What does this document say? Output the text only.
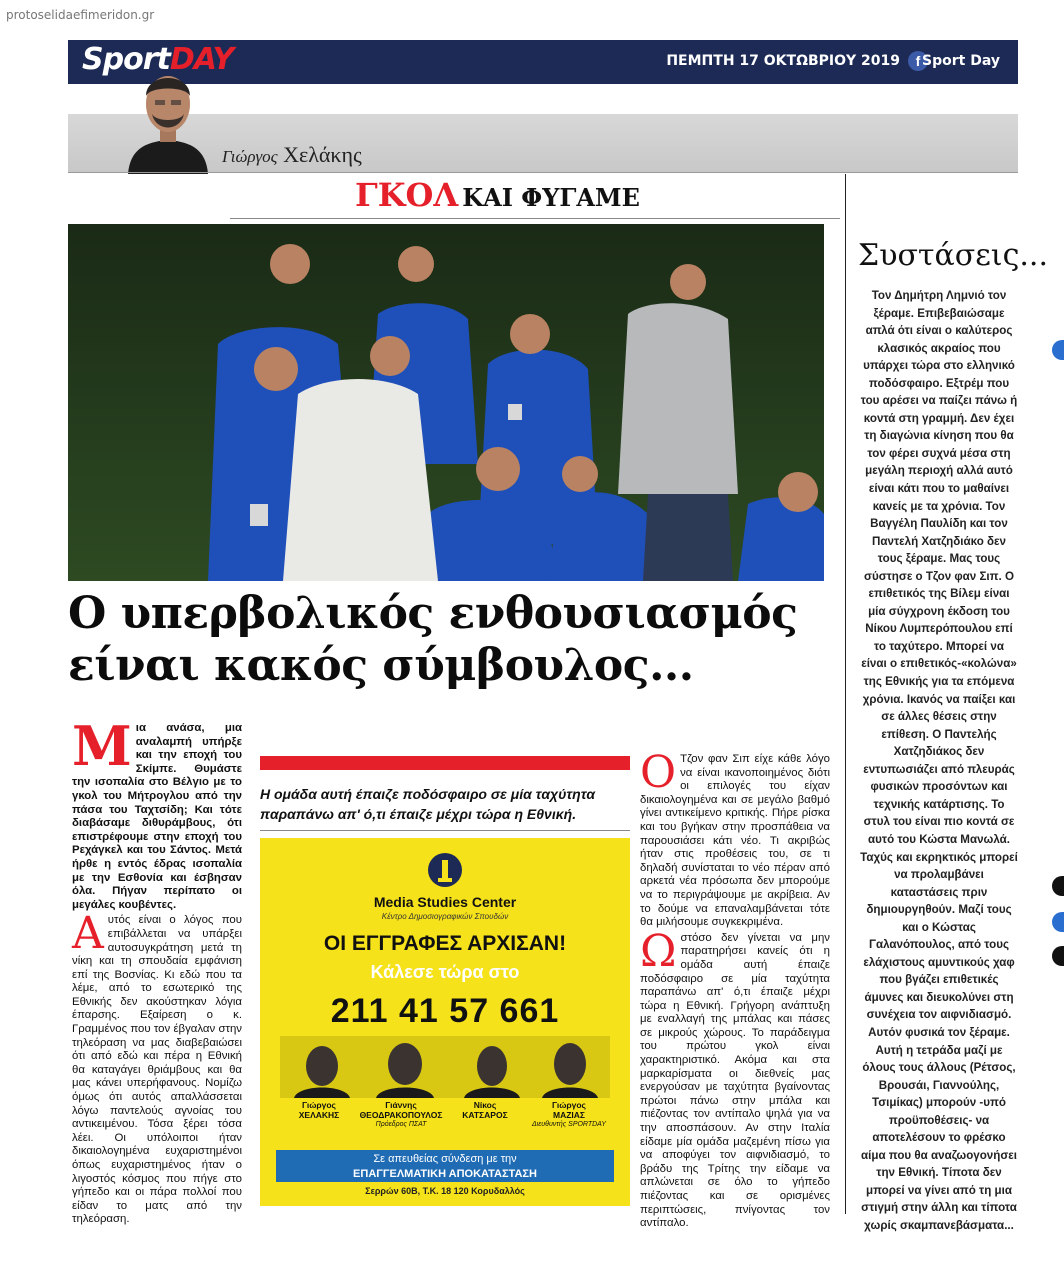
protoselidaefimeridon.gr
SportDAY	ΠΕΜΠΤΗ 17 ΟΚΤΩΒΡΙΟΥ 2019	f Sport Day
Γιώργος Χελάκης
ΓΚΟΛ ΚΑΙ ΦΥΓΑΜΕ
Ο υπερβολικός ενθουσιασμός
είναι κακός σύμβουλος...
Μια ανάσα, μια αναλαμπή υπήρξε και την εποχή του Σκίμπε. Θυμάστε την ισοπαλία στο Βέλγιο με το γκολ του Μήτρογλου από την πάσα του Ταχτσίδη; Και τότε διαβάσαμε διθυράμβους, ότι επιστρέφουμε στην εποχή του Ρεχάγκελ και του Σάντος. Μετά ήρθε η εντός έδρας ισοπαλία με την Εσθονία και έσβησαν όλα. Πήγαν περίπατο οι μεγάλες κουβέντες.
Αυτός είναι ο λόγος που επιβάλλεται να υπάρξει αυτοσυγκράτηση μετά τη νίκη και τη σπουδαία εμφάνιση επί της Βοσνίας. Κι εδώ που τα λέμε, από το εσωτερικό της Εθνικής δεν ακούστηκαν λόγια έπαρσης. Εξαίρεση ο κ. Γραμμένος που τον έβγαλαν στην τηλεόραση να μας διαβεβαιώσει ότι από εδώ και πέρα η Εθνική θα καταγάγει θριάμβους και θα μας κάνει υπερήφανους. Νομίζω όμως ότι αυτός απαλλάσσεται λόγω παντελούς αγνοίας του αντικειμένου. Τόσα ξέρει τόσα λέει. Οι υπόλοιποι ήταν δικαιολογημένα ευχαριστημένοι όπως ευχαριστημένος ήταν ο λιγοστός κόσμος που πήγε στο γήπεδο και οι πάρα πολλοί που είδαν το ματς από την τηλεόραση.
Η ομάδα αυτή έπαιζε ποδόσφαιρο σε μία ταχύτητα παραπάνω απ' ό,τι έπαιζε μέχρι τώρα η Εθνική.
Media Studies Center
Κέντρο Δημοσιογραφικών Σπουδών
ΟΙ ΕΓΓΡΑΦΕΣ ΑΡΧΙΣΑΝ!
Κάλεσε τώρα στο
211 41 57 661
Γιώργος
ΧΕΛΑΚΗΣ
Γιάννης
ΘΕΟΔΡΑΚΟΠΟΥΛΟΣ
Πρόεδρος ΠΣΑΤ
Νίκος
ΚΑΤΣΑΡΟΣ
Γιώργος
ΜΑΖΙΑΣ
Διευθυντής SPORTDAY
Σε απευθείας σύνδεση με την
ΕΠΑΓΓΕΛΜΑΤΙΚΗ ΑΠΟΚΑΤΑΣΤΑΣΗ
Σερρών 60Β, Τ.Κ. 18 120 Κορυδαλλός
Ο Τζον φαν Σιπ είχε κάθε λόγο να είναι ικανοποιημένος διότι οι επιλογές του είχαν δικαιολογημένα και σε μεγάλο βαθμό γίνει αντικείμενο κριτικής. Πήρε ρίσκα και του βγήκαν στην προσπάθεια να παρουσιάσει κάτι νέο. Τι ακριβώς ήταν στις προθέσεις του, σε τι δηλαδή συνίσταται το νέο πέραν από αρκετά νέα πρόσωπα δεν μπορούμε να το περιγράψουμε με ακρίβεια. Αν το δούμε να επαναλαμβάνεται τότε θα μιλήσουμε συγκεκριμένα.
Ωστόσο δεν γίνεται να μην παρατηρήσει κανείς ότι η ομάδα αυτή έπαιζε ποδόσφαιρο σε μία ταχύτητα παραπάνω απ' ό,τι έπαιζε μέχρι τώρα η Εθνική. Γρήγορη ανάπτυξη με εναλλαγή της μπάλας και πάσες σε μικρούς χώρους. Το παράδειγμα του πρώτου γκολ είναι χαρακτηριστικό. Ακόμα και στα μαρκαρίσματα οι διεθνείς μας ενεργούσαν με ταχύτητα βγαίνοντας πρώτοι πάνω στην μπάλα και πιέζοντας τον αντίπαλο ψηλά για να την αποσπάσουν. Αν στην Ιταλία είδαμε μία ομάδα μαζεμένη πίσω για να αποφύγει τον αιφνιδιασμό, το βράδυ της Τρίτης την είδαμε να απλώνεται σε όλο το γήπεδο πιέζοντας και σε ορισμένες περιπτώσεις, πνίγοντας τον αντίπαλο.
Συστάσεις...
Τον Δημήτρη Λημνιό τον ξέραμε. Επιβεβαιώσαμε απλά ότι είναι ο καλύτερος κλασικός ακραίος που υπάρχει τώρα στο ελληνικό ποδόσφαιρο. Εξτρέμ που του αρέσει να παίζει πάνω ή κοντά στη γραμμή. Δεν έχει τη διαγώνια κίνηση που θα τον φέρει συχνά μέσα στη μεγάλη περιοχή αλλά αυτό είναι κάτι που το μαθαίνει κανείς με τα χρόνια. Τον Βαγγέλη Παυλίδη και τον Παντελή Χατζηδιάκο δεν τους ξέραμε. Μας τους σύστησε ο Τζον φαν Σιπ. Ο επιθετικός της Βίλεμ είναι μία σύγχρονη έκδοση του Νίκου Λυμπερόπουλου επί το ταχύτερο. Μπορεί να είναι ο επιθετικός-«κολώνα» της Εθνικής για τα επόμενα χρόνια. Ικανός να παίξει και σε άλλες θέσεις στην επίθεση. Ο Παντελής Χατζηδιάκος δεν εντυπωσιάζει από πλευράς φυσικών προσόντων και τεχνικής κατάρτισης. Το στυλ του είναι πιο κοντά σε αυτό του Κώστα Μανωλά. Ταχύς και εκρηκτικός μπορεί να προλαμβάνει καταστάσεις πριν δημιουργηθούν. Μαζί τους και ο Κώστας Γαλανόπουλος, από τους ελάχιστους αμυντικούς χαφ που βγάζει επιθετικές άμυνες και διευκολύνει στη συνέχεια τον αιφνιδιασμό. Αυτόν φυσικά τον ξέραμε. Αυτή η τετράδα μαζί με όλους τους άλλους (Ρέτσος, Βρουσάι, Γιαννούλης, Τσιμίκας) μπορούν -υπό προϋποθέσεις- να αποτελέσουν το φρέσκο αίμα που θα αναζωογονήσει την Εθνική. Τίποτα δεν μπορεί να γίνει από τη μια στιγμή στην άλλη και τίποτα χωρίς σκαμπανεβάσματα...
